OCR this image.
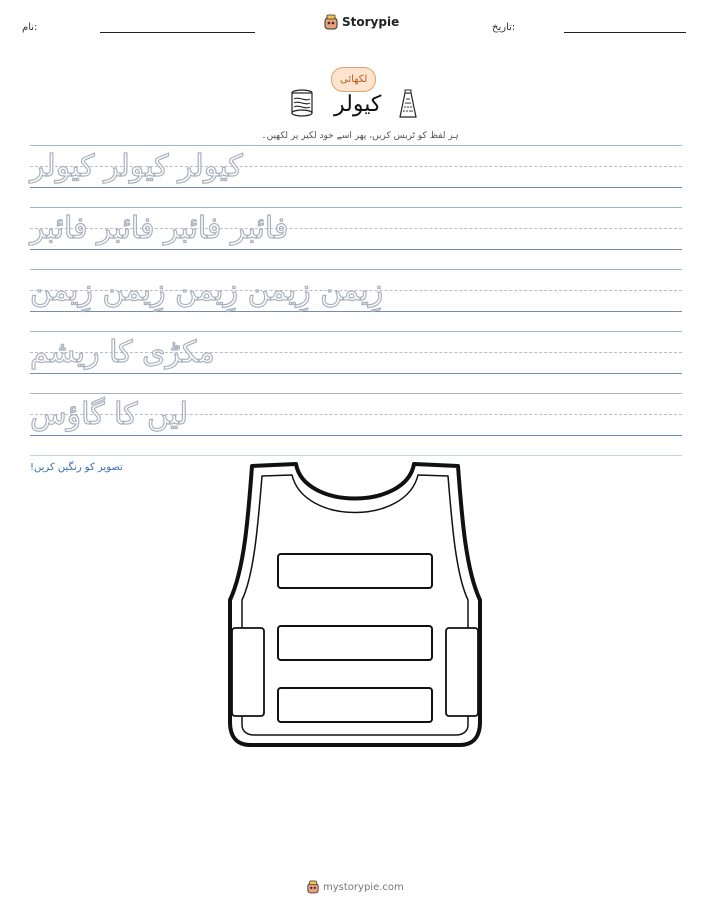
نام:	Storypie	تاریخ:
لکھائی
کیولر
ہر لفظ کو ٹریس کریں، پھر اسے خود لکیر پر لکھیں۔
کیولر کیولر کیولر
فائبر فائبر فائبر فائبر
زِیمن زِیمن زِیمن زِیمن زِیمن
مکڑی کا ریشم
لیں کا گاؤس
تصویر کو رنگین کریں!
mystorypie.com
